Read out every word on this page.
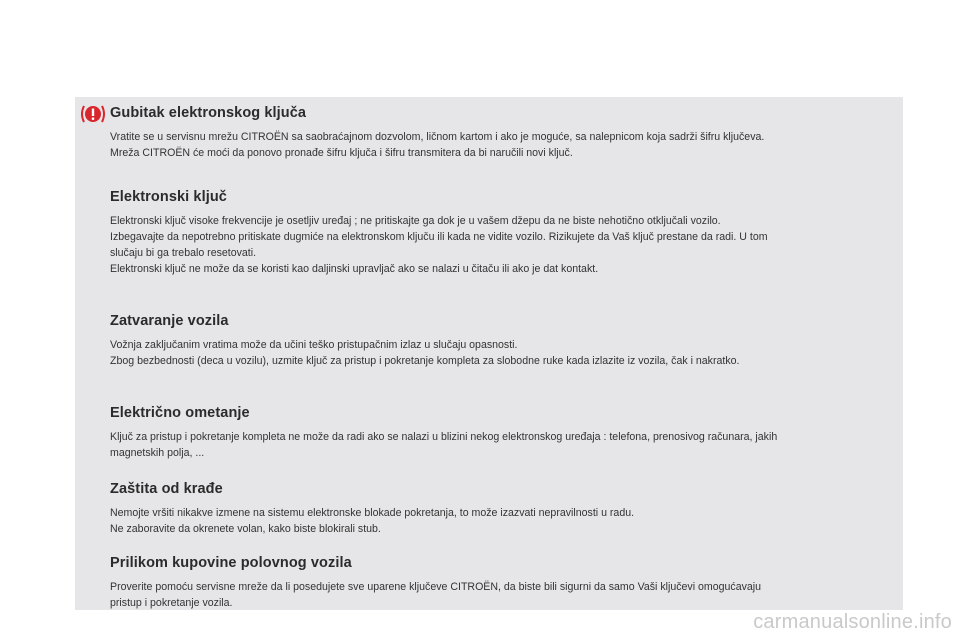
Gubitak elektronskog ključa

Vratite se u servisnu mrežu CITROËN sa saobraćajnom dozvolom, ličnom kartom i ako je moguće, sa nalepnicom koja sadrži šifru ključeva.

Mreža CITROËN će moći da ponovo pronađe šifru ključa i šifru transmitera da bi naručili novi ključ.

Elektronski ključ

Elektronski ključ visoke frekvencije je osetljiv uređaj ; ne pritiskajte ga dok je u vašem džepu da ne biste nehotično otključali vozilo.

Izbegavajte da nepotrebno pritiskate dugmiće na elektronskom ključu ili kada ne vidite vozilo. Rizikujete da Vaš ključ prestane da radi. U tom

slučaju bi ga trebalo resetovati.

Elektronski ključ ne može da se koristi kao daljinski upravljač ako se nalazi u čitaču ili ako je dat kontakt.

Zatvaranje vozila

Vožnja zaključanim vratima može da učini teško pristupačnim izlaz u slučaju opasnosti.

Zbog bezbednosti (deca u vozilu), uzmite ključ za pristup i pokretanje kompleta za slobodne ruke kada izlazite iz vozila, čak i nakratko.

Električno ometanje

Ključ za pristup i pokretanje kompleta ne može da radi ako se nalazi u blizini nekog elektronskog uređaja : telefona, prenosivog računara, jakih

magnetskih polja, ...

Zaštita od krađe

Nemojte vršiti nikakve izmene na sistemu elektronske blokade pokretanja, to može izazvati nepravilnosti u radu.

Ne zaboravite da okrenete volan, kako biste blokirali stub.

Prilikom kupovine polovnog vozila

Proverite pomoću servisne mreže da li posedujete sve uparene ključeve CITROËN, da biste bili sigurni da samo Vaši ključevi omogućavaju

pristup i pokretanje vozila.

carmanualsonline.info
